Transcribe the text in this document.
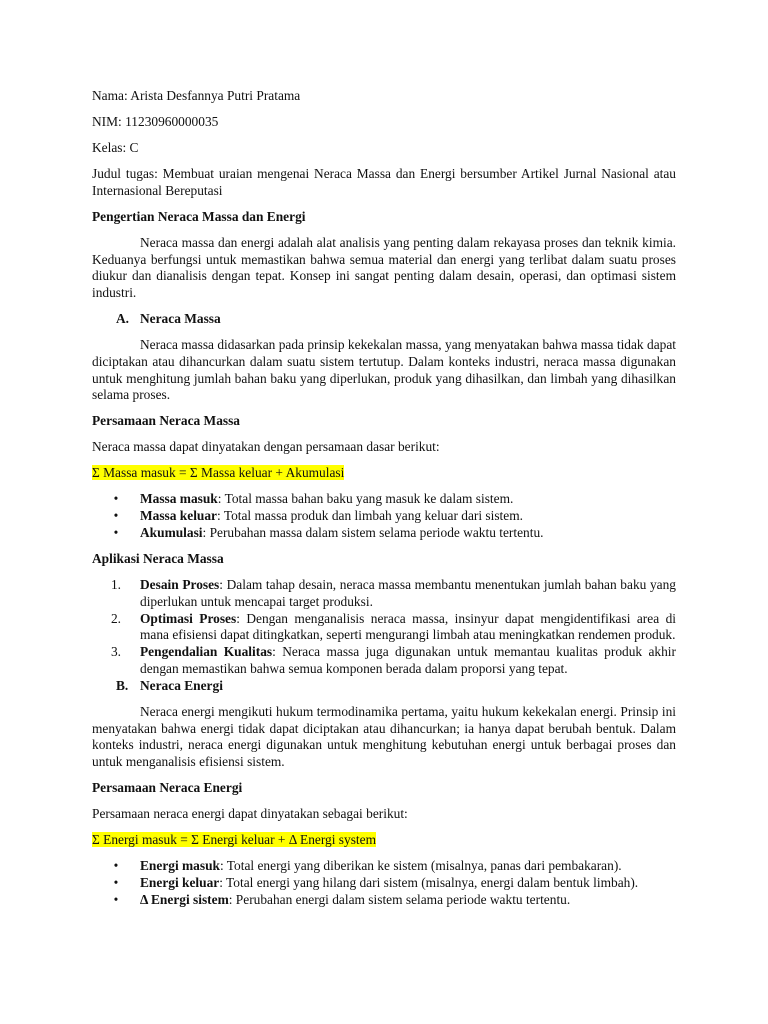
Nama: Arista Desfannya Putri Pratama

NIM: 11230960000035

Kelas: C

Judul tugas: Membuat uraian mengenai Neraca Massa dan Energi bersumber Artikel Jurnal Nasional atau Internasional Bereputasi

Pengertian Neraca Massa dan Energi

Neraca massa dan energi adalah alat analisis yang penting dalam rekayasa proses dan teknik kimia. Keduanya berfungsi untuk memastikan bahwa semua material dan energi yang terlibat dalam suatu proses diukur dan dianalisis dengan tepat. Konsep ini sangat penting dalam desain, operasi, dan optimasi sistem industri.

A. Neraca Massa

Neraca massa didasarkan pada prinsip kekekalan massa, yang menyatakan bahwa massa tidak dapat diciptakan atau dihancurkan dalam suatu sistem tertutup. Dalam konteks industri, neraca massa digunakan untuk menghitung jumlah bahan baku yang diperlukan, produk yang dihasilkan, dan limbah yang dihasilkan selama proses.

Persamaan Neraca Massa

Neraca massa dapat dinyatakan dengan persamaan dasar berikut:

Σ Massa masuk = Σ Massa keluar + Akumulasi

•	Massa masuk: Total massa bahan baku yang masuk ke dalam sistem.
•	Massa keluar: Total massa produk dan limbah yang keluar dari sistem.
•	Akumulasi: Perubahan massa dalam sistem selama periode waktu tertentu.

Aplikasi Neraca Massa

1.	Desain Proses: Dalam tahap desain, neraca massa membantu menentukan jumlah bahan baku yang diperlukan untuk mencapai target produksi.
2.	Optimasi Proses: Dengan menganalisis neraca massa, insinyur dapat mengidentifikasi area di mana efisiensi dapat ditingkatkan, seperti mengurangi limbah atau meningkatkan rendemen produk.
3.	Pengendalian Kualitas: Neraca massa juga digunakan untuk memantau kualitas produk akhir dengan memastikan bahwa semua komponen berada dalam proporsi yang tepat.
B. Neraca Energi

Neraca energi mengikuti hukum termodinamika pertama, yaitu hukum kekekalan energi. Prinsip ini menyatakan bahwa energi tidak dapat diciptakan atau dihancurkan; ia hanya dapat berubah bentuk. Dalam konteks industri, neraca energi digunakan untuk menghitung kebutuhan energi untuk berbagai proses dan untuk menganalisis efisiensi sistem.

Persamaan Neraca Energi

Persamaan neraca energi dapat dinyatakan sebagai berikut:

Σ Energi masuk = Σ Energi keluar + Δ Energi system

•	Energi masuk: Total energi yang diberikan ke sistem (misalnya, panas dari pembakaran).
•	Energi keluar: Total energi yang hilang dari sistem (misalnya, energi dalam bentuk limbah).
•	Δ Energi sistem: Perubahan energi dalam sistem selama periode waktu tertentu.
